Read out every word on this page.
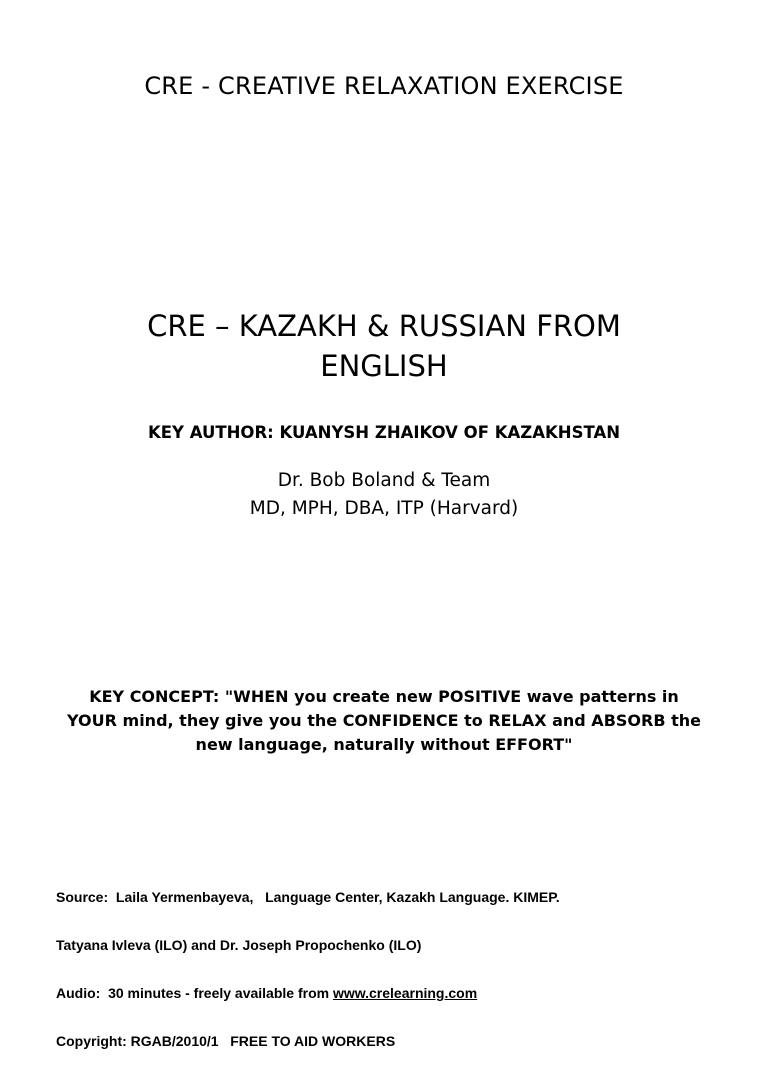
CRE - CREATIVE RELAXATION EXERCISE
CRE – KAZAKH & RUSSIAN FROM
ENGLISH
KEY AUTHOR: KUANYSH ZHAIKOV OF KAZAKHSTAN
Dr. Bob Boland & Team
MD, MPH, DBA, ITP (Harvard)
KEY CONCEPT: "WHEN you create new POSITIVE wave patterns in
YOUR mind, they give you the CONFIDENCE to RELAX and ABSORB the
new language, naturally without EFFORT"

Source:  Laila Yermenbayeva,   Language Center, Kazakh Language. KIMEP.

Tatyana Ivleva (ILO) and Dr. Joseph Propochenko (ILO)

Audio:  30 minutes - freely available from www.crelearning.com

Copyright: RGAB/2010/1   FREE TO AID WORKERS
